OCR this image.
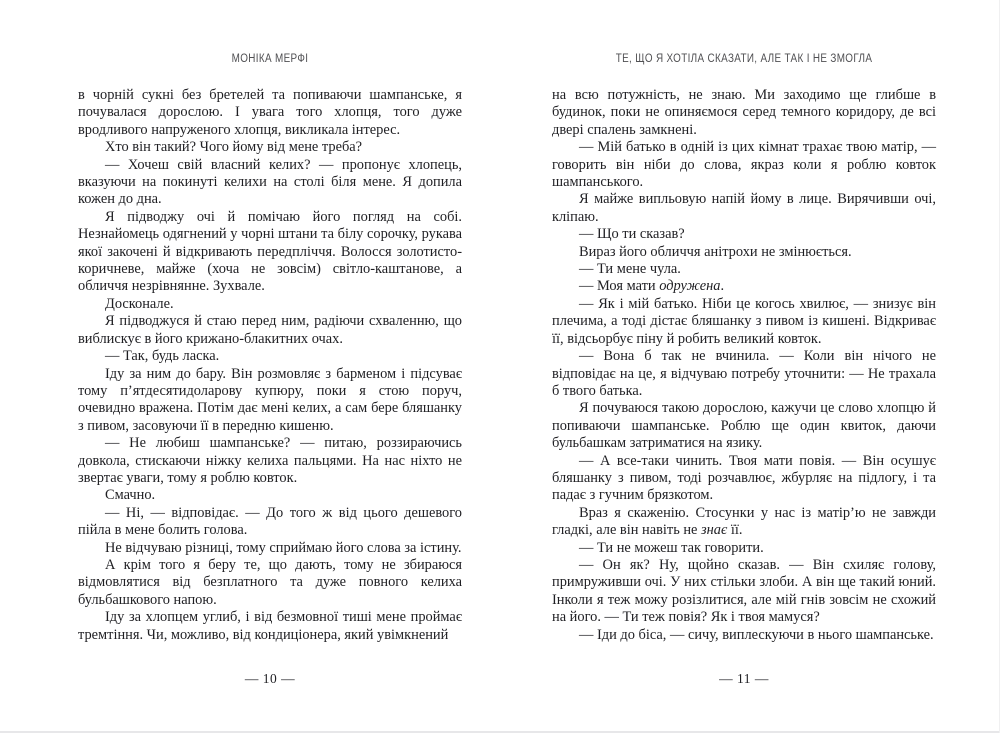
МОНІКА МЕРФІ

в чорній сукні без бретелей та попиваючи шампанське, я почувалася дорослою. І увага того хлопця, того дуже вродливого напруженого хлопця, викликала інтерес.

Хто він такий? Чого йому від мене треба?

— Хочеш свій власний келих? — пропонує хлопець, вказуючи на покинуті келихи на столі біля мене. Я допила кожен до дна.

Я підводжу очі й помічаю його погляд на собі. Незнайомець одягнений у чорні штани та білу сорочку, рукава якої закочені й відкривають передпліччя. Волосся золотисто-коричневе, майже (хоча не зовсім) світло-каштанове, а обличчя незрівнянне. Зухвале.

Досконале.

Я підводжуся й стаю перед ним, радіючи схваленню, що виблискує в його крижано-блакитних очах.

— Так, будь ласка.

Іду за ним до бару. Він розмовляє з барменом і підсуває тому п’ятдесятидоларову купюру, поки я стою поруч, очевидно вражена. Потім дає мені келих, а сам бере бляшанку з пивом, засовуючи її в передню кишеню.

— Не любиш шампанське? — питаю, роззираючись довкола, стискаючи ніжку келиха пальцями. На нас ніхто не звертає уваги, тому я роблю ковток.

Смачно.

— Ні, — відповідає. — До того ж від цього дешевого пійла в мене болить голова.

Не відчуваю різниці, тому сприймаю його слова за істину.

А крім того я беру те, що дають, тому не збираюся відмовлятися від безплатного та дуже повного келиха бульбашкового напою.

Іду за хлопцем углиб, і від безмовної тиші мене проймає тремтіння. Чи, можливо, від кондиціонера, який увімкнений

— 10 —
ТЕ, ЩО Я ХОТІЛА СКАЗАТИ, АЛЕ ТАК І НЕ ЗМОГЛА

на всю потужність, не знаю. Ми заходимо ще глибше в будинок, поки не опиняємося серед темного коридору, де всі двері спалень замкнені.

— Мій батько в одній із цих кімнат трахає твою матір, — говорить він ніби до слова, якраз коли я роблю ковток шампанського.

Я майже випльовую напій йому в лице. Вирячивши очі, кліпаю.

— Що ти сказав?

Вираз його обличчя анітрохи не змінюється.

— Ти мене чула.

— Моя мати одружена.

— Як і мій батько. Ніби це когось хвилює, — знизує він плечима, а тоді дістає бляшанку з пивом із кишені. Відкриває її, відсьорбує піну й робить великий ковток.

— Вона б так не вчинила. — Коли він нічого не відповідає на це, я відчуваю потребу уточнити: — Не трахала б твого батька.

Я почуваюся такою дорослою, кажучи це слово хлопцю й попиваючи шампанське. Роблю ще один квиток, даючи бульбашкам затриматися на язику.

— А все-таки чинить. Твоя мати повія. — Він осушує бляшанку з пивом, тоді розчавлює, жбурляє на підлогу, і та падає з гучним брязкотом.

Враз я скаженію. Стосунки у нас із матір’ю не завжди гладкі, але він навіть не знає її.

— Ти не можеш так говорити.

— Он як? Ну, щойно сказав. — Він схиляє голову, примруживши очі. У них стільки злоби. А він ще такий юний. Інколи я теж можу розізлитися, але мій гнів зовсім не схожий на його. — Ти теж повія? Як і твоя мамуся?

— Іди до біса, — сичу, виплескуючи в нього шампанське.

— 11 —
